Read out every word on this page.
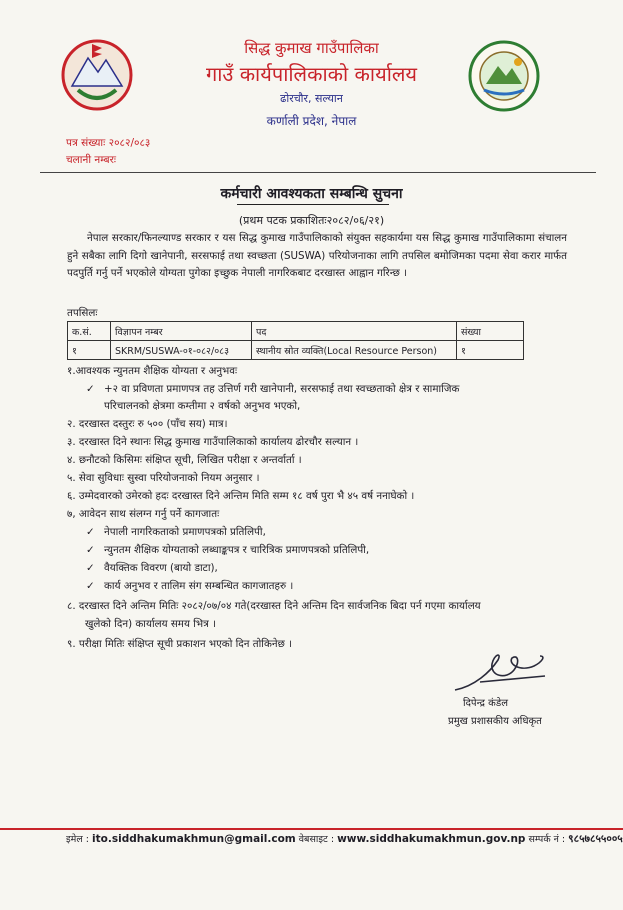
सिद्ध कुमाख गाउँपालिका
गाउँ कार्यपालिकाको कार्यालय
ढोरचौर, सल्यान
कर्णाली प्रदेश, नेपाल
पत्र संख्याः २०८२/०८३
चलानी नम्बरः
कर्मचारी आवश्यकता सम्बन्धि सुचना
(प्रथम पटक प्रकाशितः२०८२/०६/२१)
नेपाल सरकार/फिनल्याण्ड सरकार र यस सिद्ध कुमाख गाउँपालिकाको संयुक्त सहकार्यमा यस सिद्ध कुमाख गाउँपालिकामा संचालन हुने सबैका लागि दिगो खानेपानी, सरसफाई तथा स्वच्छता (SUSWA) परियोजनाका लागि तपसिल बमोजिमका पदमा सेवा करार मार्फत पदपुर्ति गर्नु पर्ने भएकोले योग्यता पुगेका इच्छुक नेपाली नागरिकबाट दरखास्त आह्वान गरिन्छ ।
तपसिलः
क.सं.	विज्ञापन नम्बर	पद	संख्या
१	SKRM/SUSWA-०१-०८२/०८३	स्थानीय स्रोत व्यक्ति(Local Resource Person)	१
१.आवश्यक न्युनतम शैक्षिक योग्यता र अनुभवः
✓ +२ वा प्रविणता प्रमाणपत्र तह उत्तिर्ण गरी खानेपानी, सरसफाई तथा स्वच्छताको क्षेत्र र सामाजिक
परिचालनको क्षेत्रमा कम्तीमा २ वर्षको अनुभव भएको,
२. दरखास्त दस्तुरः रु ५०० (पाँच सय) मात्र।
३. दरखास्त दिने स्थानः सिद्ध कुमाख गाउँपालिकाको कार्यालय ढोरचौर सल्यान ।
४. छनौटको किसिमः संक्षिप्त सूची, लिखित परीक्षा र अन्तर्वार्ता ।
५. सेवा सुविधाः सुस्वा परियोजनाको नियम अनुसार ।
६. उम्मेदवारको उमेरको हदः दरखास्त दिने अन्तिम मिति सम्म १८ वर्ष पुरा भै ४५ वर्ष ननाघेको ।
७, आवेदन साथ संलग्न गर्नु पर्ने कागजातः
✓ नेपाली नागरिकताको प्रमाणपत्रको प्रतिलिपी,
✓ न्युनतम शैक्षिक योग्यताको लब्धाङ्कपत्र र चारित्रिक प्रमाणपत्रको प्रतिलिपी,
✓ वैयक्तिक विवरण (बायो डाटा),
✓ कार्य अनुभव र तालिम संग सम्बन्धित कागजातहरु ।
८. दरखास्त दिने अन्तिम मितिः २०८२/०७/०४ गते(दरखास्त दिने अन्तिम दिन सार्वजनिक बिदा पर्न गएमा कार्यालय
खुलेको दिन) कार्यालय समय भित्र ।
९. परीक्षा मितिः संक्षिप्त सूची प्रकाशन भएको दिन तोकिनेछ ।
दिपेन्द्र कंडेल
प्रमुख प्रशासकीय अधिकृत
इमेल : ito.siddhakumakhmun@gmail.com वेबसाइट : www.siddhakumakhmun.gov.np सम्पर्क नं : ९८५७८५५००५
